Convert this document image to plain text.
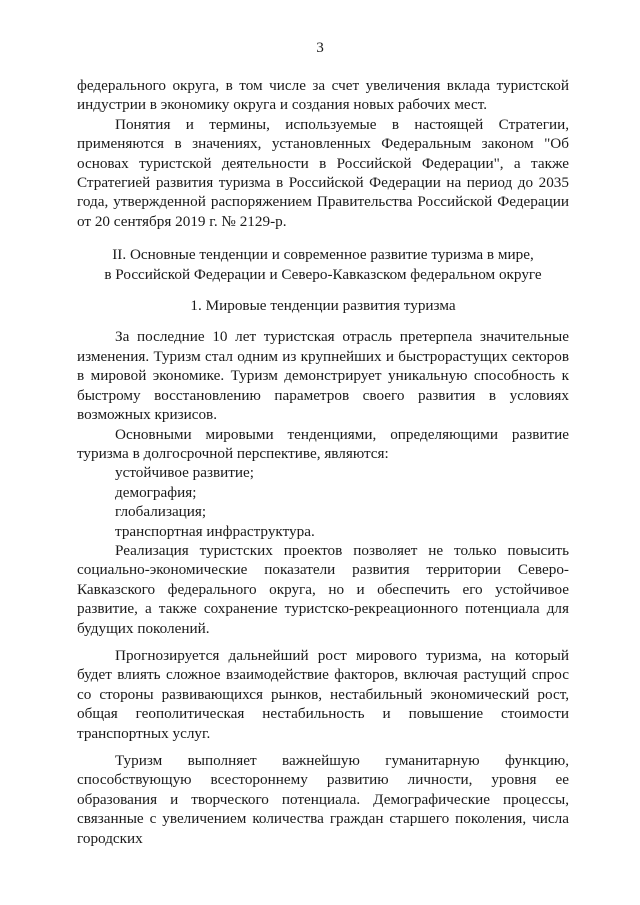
3

федерального округа, в том числе за счет увеличения вклада туристской индустрии в экономику округа и создания новых рабочих мест.

Понятия и термины, используемые в настоящей Стратегии, применяются в значениях, установленных Федеральным законом "Об основах туристской деятельности в Российской Федерации", а также Стратегией развития туризма в Российской Федерации на период до 2035 года, утвержденной распоряжением Правительства Российской Федерации от 20 сентября 2019 г. № 2129-р.

II. Основные тенденции и современное развитие туризма в мире,

в Российской Федерации и Северо-Кавказском федеральном округе

1. Мировые тенденции развития туризма

За последние 10 лет туристская отрасль претерпела значительные изменения. Туризм стал одним из крупнейших и быстрорастущих секторов в мировой экономике. Туризм демонстрирует уникальную способность к быстрому восстановлению параметров своего развития в условиях возможных кризисов.

Основными мировыми тенденциями, определяющими развитие туризма в долгосрочной перспективе, являются:

устойчивое развитие;

демография;

глобализация;

транспортная инфраструктура.

Реализация туристских проектов позволяет не только повысить социально-экономические показатели развития территории Северо-Кавказского федерального округа, но и обеспечить его устойчивое развитие, а также сохранение туристско-рекреационного потенциала для будущих поколений.

Прогнозируется дальнейший рост мирового туризма, на который будет влиять сложное взаимодействие факторов, включая растущий спрос со стороны развивающихся рынков, нестабильный экономический рост, общая геополитическая нестабильность и повышение стоимости транспортных услуг.

Туризм выполняет важнейшую гуманитарную функцию, способствующую всестороннему развитию личности, уровня ее образования и творческого потенциала. Демографические процессы, связанные с увеличением количества граждан старшего поколения, числа городских
